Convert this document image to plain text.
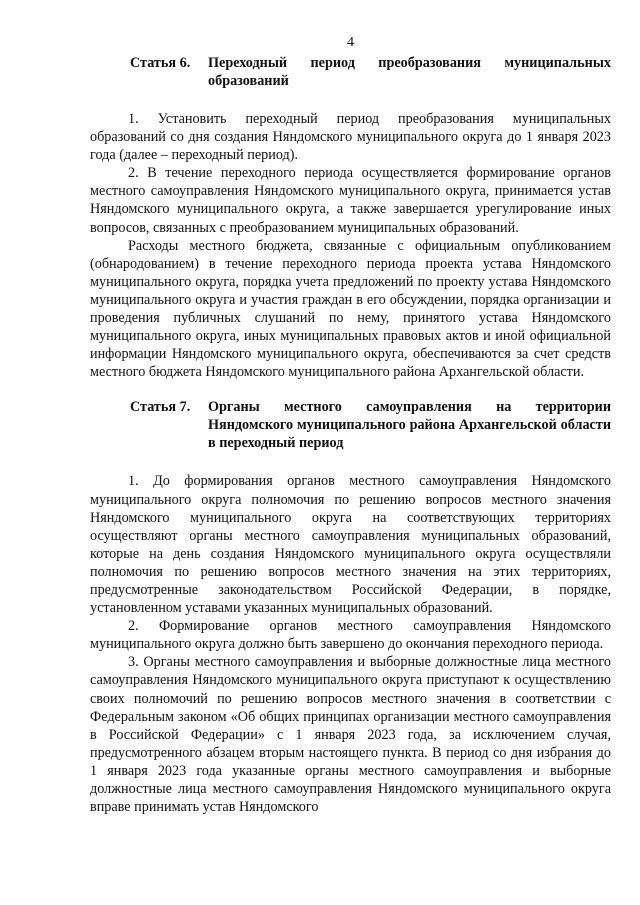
4
Статья 6.	Переходный период преобразования муниципальных образований

1. Установить переходный период преобразования муниципальных образований со дня создания Няндомского муниципального округа до 1 января 2023 года (далее – переходный период).

2. В течение переходного периода осуществляется формирование органов местного самоуправления Няндомского муниципального округа, принимается устав Няндомского муниципального округа, а также завершается урегулирование иных вопросов, связанных с преобразованием муниципальных образований.

Расходы местного бюджета, связанные с официальным опубликованием (обнародованием) в течение переходного периода проекта устава Няндомского муниципального округа, порядка учета предложений по проекту устава Няндомского муниципального округа и участия граждан в его обсуждении, порядка организации и проведения публичных слушаний по нему, принятого устава Няндомского муниципального округа, иных муниципальных правовых актов и иной официальной информации Няндомского муниципального округа, обеспечиваются за счет средств местного бюджета Няндомского муниципального района Архангельской области.

Статья 7.	Органы местного самоуправления на территории Няндомского муниципального района Архангельской области в переходный период

1. До формирования органов местного самоуправления Няндомского муниципального округа полномочия по решению вопросов местного значения Няндомского муниципального округа на соответствующих территориях осуществляют органы местного самоуправления муниципальных образований, которые на день создания Няндомского муниципального округа осуществляли полномочия по решению вопросов местного значения на этих территориях, предусмотренные законодательством Российской Федерации, в порядке, установленном уставами указанных муниципальных образований.

2. Формирование органов местного самоуправления Няндомского муниципального округа должно быть завершено до окончания переходного периода.

3. Органы местного самоуправления и выборные должностные лица местного самоуправления Няндомского муниципального округа приступают к осуществлению своих полномочий по решению вопросов местного значения в соответствии с Федеральным законом «Об общих принципах организации местного самоуправления в Российской Федерации» с 1 января 2023 года, за исключением случая, предусмотренного абзацем вторым настоящего пункта. В период со дня избрания до 1 января 2023 года указанные органы местного самоуправления и выборные должностные лица местного самоуправления Няндомского муниципального округа вправе принимать устав Няндомского
